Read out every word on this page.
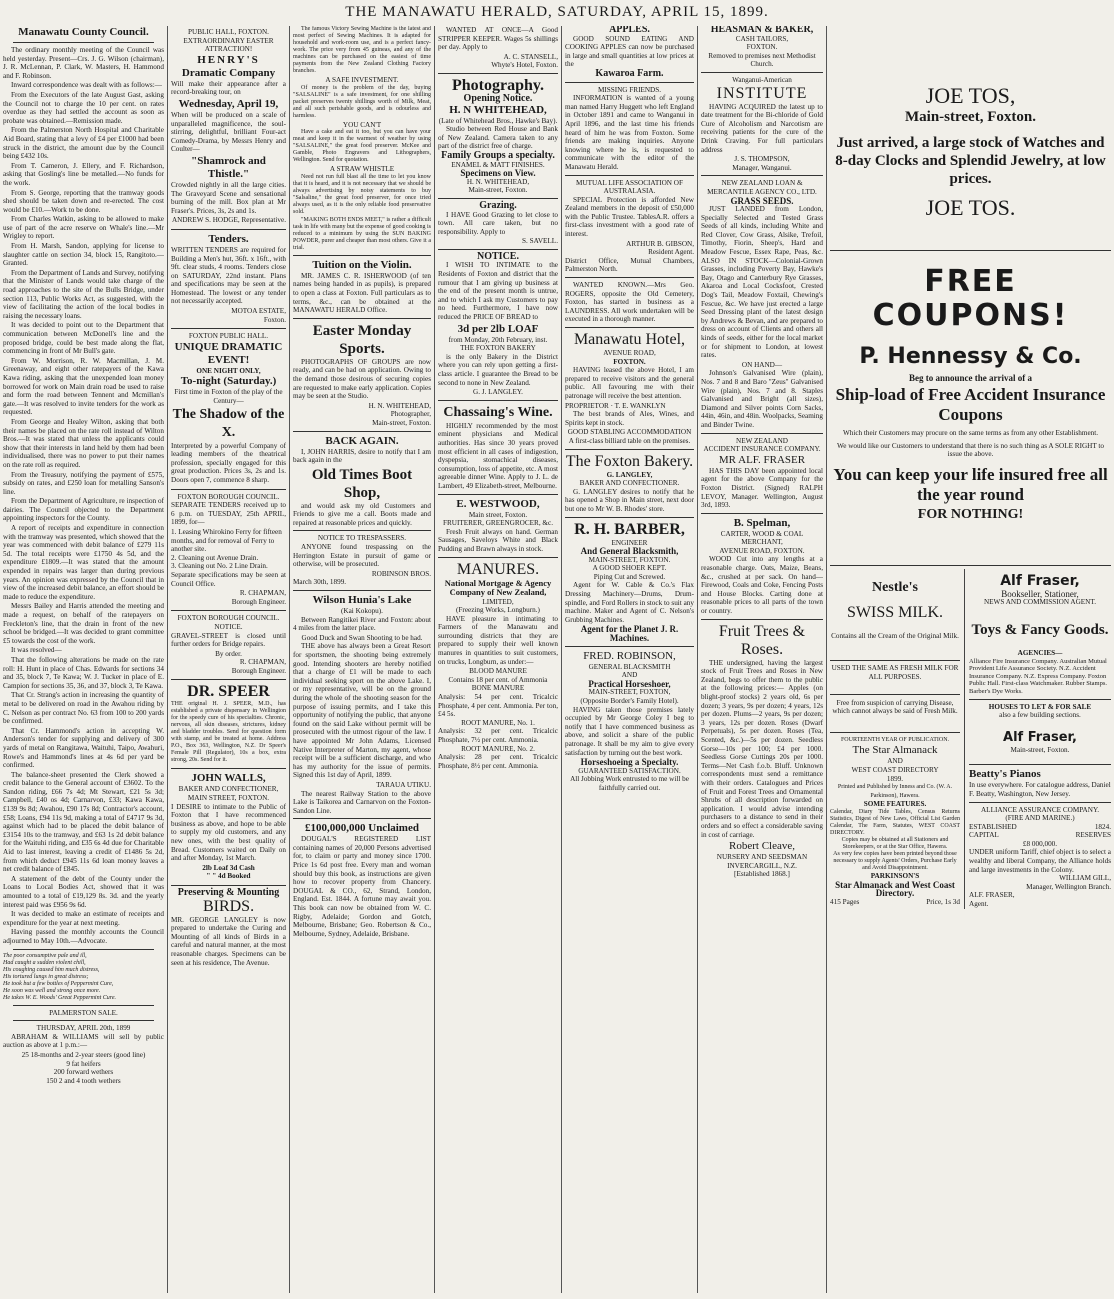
THE MANAWATU HERALD, SATURDAY, APRIL 15, 1899.
Manawatu County Council.

The ordinary monthly meeting of the Council was held yesterday. Present—Crs. J. G. Wilson (chairman), J. R. McLennan, P. Clark, W. Masters, H. Hammond and F. Robinson.

Inward correspondence was dealt with as follows:—

From the Executors of the late August Gast, asking the Council not to charge the 10 per cent. on rates overdue as they had settled the account as soon as probate was obtained.—Remission made.

From the Palmerston North Hospital and Charitable Aid Board, stating that a levy of £4 per £1000 had been struck in the district, the amount due by the Council being £432 10s.

From T. Cameron, J. Ellery, and F. Richardson, asking that Gosling's line be metalled.—No funds for the work.

From S. George, reporting that the tramway goods shed should be taken down and re-erected. The cost would be £10.—Work to be done.

From Charles Watkin, asking to be allowed to make use of part of the acre reserve on Whale's line.—Mr Wrigley to report.

From H. Marsh, Sandon, applying for license to slaughter cattle on section 34, block 15, Rangitoto.—Granted.

From the Department of Lands and Survey, notifying that the Minister of Lands would take charge of the road approaches to the site of the Bulls Bridge, under section 113, Public Works Act, as suggested, with the view of facilitating the action of the local bodies in raising the necessary loans.

It was decided to point out to the Department that communication between McDonell's line and the proposed bridge, could be best made along the flat, commencing in front of Mr Bull's gate.

From W. Morrison, R. W. Macmillan, J. M. Greenaway, and eight other ratepayers of the Kawa Kawa riding, asking that the unexpended loan money borrowed for work on Main drain road be used to raise and form the road between Tennent and Mcmillan's gate.—It was resolved to invite tenders for the work as requested.

From George and Healey Wilton, asking that both their names be placed on the rate roll instead of Wilton Bros.—It was stated that unless the applicants could show that their interests in land held by them had been individualised, there was no power to put their names on the rate roll as required.

From the Treasury, notifying the payment of £575, subsidy on rates, and £250 loan for metalling Sanson's line.

From the Department of Agriculture, re inspection of dairies. The Council objected to the Department appointing inspectors for the County.

A report of receipts and expenditure in connection with the tramway was presented, which showed that the year was commenced with debit balance of £279 11s 5d. The total receipts were £1750 4s 5d, and the expenditure £1809.—It was stated that the amount expended in repairs was larger than during previous years. An opinion was expressed by the Council that in view of the increased debit balance, an effort should be made to reduce the expenditure.

Messrs Bailey and Harris attended the meeting and made a request, on behalf of the ratepayers on Freckleton's line, that the drain in front of the new school be bridged.—It was decided to grant committee £5 towards the cost of the work.

It was resolved—

That the following alterations be made on the rate roll: H. Hunt in place of Chas. Edwards for sections 34 and 35, block 7, Te Kawa; W. J. Tucker in place of E. Campion for sections 35, 36, and 37, block 3, Te Kawa.

That Cr. Strang's action in increasing the quantity of metal to be delivered on road in the Awahou riding by C. Nelson as per contract No. 63 from 100 to 200 yards be confirmed.

That Cr. Hammond's action in accepting W. Anderson's tender for supplying and delivery of 300 yards of metal on Rangitawa, Waituhi, Taipo, Awahuri, Rowe's and Hammond's lines at 4s 6d per yard be confirmed.

The balance-sheet presented the Clerk showed a credit balance to the General account of £3602. To the Sandon riding, £66 7s 4d; Mt Stewart, £21 5s 3d; Campbell, £40 os 4d; Carnarvon, £33; Kawa Kawa, £139 9s 8d; Awahou, £90 17s 8d; Contractor's account, £58; Loans, £94 11s 9d, making a total of £4717 9s 3d, against which had to be placed the debit balance of £3154 10s to the tramway, and £63 1s 2d debit balance for the Waituhi riding, and £35 6s 4d due for Charitable Aid to last interest, leaving a credit of £1486 5s 2d, from which deduct £945 11s 6d loan money leaves a net credit balance of £845.

A statement of the debt of the County under the Loans to Local Bodies Act, showed that it was amounted to a total of £19,129 8s. 3d. and the yearly interest paid was £956 9s 6d.

It was decided to make an estimate of receipts and expenditure for the year at next meeting.

Having passed the monthly accounts the Council adjourned to May 10th.—Advocate.

The poor consumptive pale and ill,
Had caught a sudden violent chill,
His coughing caused him much distress,
His tortured lungs in great distress;
He took but a few bottles of Peppermint Cure,
He soon was well and strong once more.
He takes W. E. Woods' Great Peppermint Cure.
PALMERSTON SALE.
THURSDAY, APRIL 20th, 1899

ABRAHAM & WILLIAMS will sell by public auction as above at 1 p.m.:—

25 18-months and 2-year steers (good line)
9 fat heifers
200 forward wethers
150 2 and 4 tooth wethers
PUBLIC HALL, FOXTON.
EXTRAORDINARY EASTER ATTRACTION!
HENRY'S
Dramatic Company

Will make their appearance after a record-breaking tour, on

Wednesday, April 19,

When will be produced on a scale of unparalleled magnificence, the soul-stirring, delightful, brilliant Four-act Comedy-Drama, by Messrs Henry and Coulter—

"Shamrock and Thistle."

Crowded nightly in all the large cities. The Graveyard Scene and sensational burning of the mill. Box plan at Mr Fraser's. Prices, 3s, 2s and 1s.

ANDREW S. HODGE, Representative.
Tenders.

WRITTEN TENDERS are required for Building a Men's hut, 36ft. x 16ft., with 9ft. clear studs, 4 rooms. Tenders close on SATURDAY, 22nd instant. Plans and specifications may be seen at the Homestead. The lowest or any tender not necessarily accepted.

MOTOA ESTATE,
Foxton.
FOXTON PUBLIC HALL.
UNIQUE DRAMATIC EVENT!
ONE NIGHT ONLY,
To-night (Saturday.)
First time in Foxton of the play of the Century—
The Shadow of the X.

Interpreted by a powerful Company of leading members of the theatrical profession, specially engaged for this great production. Prices 3s, 2s and 1s. Doors open 7, commence 8 sharp.

FOXTON BOROUGH COUNCIL.

SEPARATE TENDERS received up to 6 p.m. on TUESDAY, 25th APRIL, 1899, for—

1. Leasing Whirokino Ferry for fifteen months, and for removal of Ferry to another site.
2. Cleaning out Avenue Drain.
3. Cleaning out No. 2 Line Drain.

Separate specifications may be seen at Council Office.

R. CHAPMAN,
Borough Engineer.
FOXTON BOROUGH COUNCIL.
NOTICE.

GRAVEL-STREET is closed until further orders for Bridge repairs.

By order.
R. CHAPMAN,
Borough Engineer.
DR. SPEER

THE original H. J. SPEER, M.D., has established a private dispensary in Wellington for the speedy cure of his specialties. Chronic, nervous, all skin diseases, strictures, kidney and bladder troubles. Send for question form with stamp, and be treated at home. Address P.O., Box 363, Wellington, N.Z. Dr Speer's Female Pill (Regulator), 10s a box, extra strong, 20s. Send for it.

JOHN WALLS,
BAKER AND CONFECTIONER,
MAIN STREET, FOXTON.

I DESIRE to intimate to the Public of Foxton that I have recommenced business as above, and hope to be able to supply my old customers, and any new ones, with the best quality of Bread. Customers waited on Daily on and after Monday, 1st March.

2lb Loaf 3d Cash
" " 4d Booked
Preserving & Mounting
BIRDS.

MR. GEORGE LANGLEY is now prepared to undertake the Curing and Mounting of all kinds of Birds in a careful and natural manner, at the most reasonable charges. Specimens can be seen at his residence, The Avenue.

The famous Victory Sewing Machine is the latest and most perfect of Sewing Machines. It is adapted for household and work-room use, and is a perfect fancy-work. The price very from 45 guineas, and any of the machines can be purchased on the easiest of time payments from the New Zealand Clothing Factory branches.

A SAFE INVESTMENT.

Of money is the problem of the day, buying "SALSALINE" is a safe investment, for one shilling packet preserves twenty shillings worth of Milk, Meat, and all such perishable goods, and is odourless and harmless.

YOU CAN'T

Have a cake and eat it too, but you can have your meat and keep it in the warmest of weather by using "SALSALINE," the great food preserver. McKee and Gamble, Photo Engravers and Lithographers, Wellington. Send for quotation.

A STRAW WHISTLE

Need not run full blast all the time to let you know that it is heard, and it is not necessary that we should be always advertising by noisy statements to buy "Salsaline," the great food preserver, for once tried always used, as it is the only reliable food preservative sold.

"MAKING BOTH ENDS MEET," is rather a difficult task in life with many but the expense of good cooking is reduced to a minimum by using the SUN BAKING POWDER, purer and cheaper than most others. Give it a trial.

Tuition on the Violin.

MR. JAMES C. R. ISHERWOOD (of ten names being handed in as pupils), is prepared to open a class at Foxton. Full particulars as to terms, &c., can be obtained at the MANAWATU HERALD Office.

Easter Monday Sports.

PHOTOGRAPHS OF GROUPS are now ready, and can be had on application. Owing to the demand those desirous of securing copies are requested to make early application. Copies may be seen at the Studio.

H. N. WHITEHEAD,
Photographer,
Main-street, Foxton.
BACK AGAIN.

I, JOHN HARRIS, desire to notify that I am back again in the

Old Times Boot Shop,

and would ask my old Customers and Friends to give me a call. Boots made and repaired at reasonable prices and quickly.

NOTICE TO TRESPASSERS.

ANYONE found trespassing on the Herrington Estate in pursuit of game or otherwise, will be prosecuted.

ROBINSON BROS.
March 30th, 1899.
Wilson Hunia's Lake
(Kai Kokopu).

Between Rangitikei River and Foxton: about 4 miles from the latter place.

Good Duck and Swan Shooting to be had.

THE above has always been a Great Resort for sportsmen, the shooting being extremely good. Intending shooters are hereby notified that a charge of £1 will be made to each individual seeking sport on the above Lake. I, or my representative, will be on the ground during the whole of the shooting season for the purpose of issuing permits, and I take this opportunity of notifying the public, that anyone found on the said Lake without permit will be prosecuted with the utmost rigour of the law. I have appointed Mr John Adams, Licensed Native Interpreter of Marton, my agent, whose receipt will be a sufficient discharge, and who has my authority for the issue of permits. Signed this 1st day of April, 1899.

TARAUA UTIKU.

The nearest Railway Station to the above Lake is Taikorea and Carnarvon on the Foxton-Sandon Line.

£100,000,000 Unclaimed

DOUGAL'S REGISTERED LIST containing names of 20,000 Persons advertised for, to claim or party and money since 1700. Price 1s 6d post free. Every man and woman should buy this book, as instructions are given how to recover property from Chancery. DOUGAL & CO., 62, Strand, London, England. Est. 1844. A fortune may await you. This book can now be obtained from W. C. Rigby, Adelaide; Gordon and Gotch, Melbourne, Brisbane; Geo. Robertson & Co., Melbourne, Sydney, Adelaide, Brisbane.

WANTED AT ONCE—A Good STRIPPER KEEPER. Wages 5s shillings per day. Apply to

A. C. STANSELL,
Whyte's Hotel, Foxton.
Photography.
Opening Notice.
H. N WHITEHEAD,
(Late of Whitehead Bros., Hawke's Bay).

Studio between Red House and Bank of New Zealand. Camera taken to any part of the district free of charge.

Family Groups a specialty.
ENAMEL & MATT FINISHES.
Specimens on View.
H. N. WHITEHEAD,
Main-street, Foxton.
Grazing.

I HAVE Good Grazing to let close to town. All care taken, but no responsibility. Apply to

S. SAVELL.
NOTICE.

I WISH TO INTIMATE to the Residents of Foxton and district that the rumour that I am giving up business at the end of the present month is untrue, and to which I ask my Customers to pay no heed. Furthermore, I have now reduced the PRICE OF BREAD to

3d per 2lb LOAF
from Monday, 20th February, inst.
THE FOXTON BAKERY

is the only Bakery in the District where you can rely upon getting a first-class article. I guarantee the Bread to be second to none in New Zealand.

G. J. LANGLEY.
Chassaing's Wine.

HIGHLY recommended by the most eminent physicians and Medical authorities. Has since 30 years proved most efficient in all cases of indigestion, dyspepsia, stomachical diseases, consumption, loss of appetite, etc. A most agreeable dinner Wine. Apply to J. L. de Lambert, 49 Elizabeth-street, Melbourne.

E. WESTWOOD,
Main street, Foxton.
FRUITERER, GREENGROCER, &c.

Fresh Fruit always on hand. German Sausages, Saveloys White and Black Pudding and Brawn always in stock.

MANURES.
National Mortgage & Agency Company of New Zealand,
LIMITED,
(Freezing Works, Longburn.)

HAVE pleasure in intimating to Farmers of the Manawatu and surrounding districts that they are prepared to supply their well known manures in quantities to suit customers, on trucks, Longburn, as under:—

BLOOD MANURE
Contains 18 per cent. of Ammonia
BONE MANURE
Analysis: 54 per cent. Tricalcic Phosphate, 4 per cent. Ammonia. Per ton, £4 5s.
ROOT MANURE, No. 1.
Analysis: 32 per cent. Tricalcic Phosphate, 7½ per cent. Ammonia.
ROOT MANURE, No. 2.
Analysis: 28 per cent. Tricalcic Phosphate, 8½ per cent. Ammonia.
APPLES.

GOOD SOUND EATING AND COOKING APPLES can now be purchased in large and small quantities at low prices at the

Kawaroa Farm.
MISSING FRIENDS.

INFORMATION is wanted of a young man named Harry Huggett who left England in October 1891 and came to Wanganui in April 1896, and the last time his friends heard of him he was from Foxton. Some friends are making inquiries. Anyone knowing where he is, is requested to communicate with the editor of the Manawatu Herald.

MUTUAL LIFE ASSOCIATION OF AUSTRALASIA.

SPECIAL Protection is afforded New Zealand members in the deposit of £50,000 with the Public Trustee. TablesA.R. offers a first-class investment with a good rate of interest.

ARTHUR B. GIBSON,
Resident Agent.
District Office, Mutual Chambers, Palmerston North.

WANTED KNOWN.—Mrs Geo. ROGERS, opposite the Old Cemetery, Foxton, has started in business as a LAUNDRESS. All work undertaken will be executed in a thorough manner.

Manawatu Hotel,
AVENUE ROAD,
FOXTON.

HAVING leased the above Hotel, I am prepared to receive visitors and the general public. All favouring me with their patronage will receive the best attention.

PROPRIETOR · T. E. WANKLYN

The best brands of Ales, Wines, and Spirits kept in stock.

GOOD STABLING ACCOMMODATION
A first-class billiard table on the premises.
The Foxton Bakery.
G. LANGLEY,
BAKER AND CONFECTIONER.

G. LANGLEY desires to notify that he has opened a Shop in Main street, next door but one to Mr W. B. Rhodes' store.

R. H. BARBER,
ENGINEER
And General Blacksmith,
MAIN-STREET, FOXTON.
A GOOD SHOER KEPT.
Piping Cut and Screwed.

Agent for W. Cable & Co.'s Flax Dressing Machinery—Drums, Drum-spindle, and Ford Rollers in stock to suit any machine. Maker and Agent of C. Nelson's Grubbing Machines.

Agent for the Planet J. R. Machines.
FRED. ROBINSON,
GENERAL BLACKSMITH
AND
Practical Horseshoer,
MAIN-STREET, FOXTON,
(Opposite Border's Family Hotel).

HAVING taken those premises lately occupied by Mr George Coley I beg to notify that I have commenced business as above, and solicit a share of the public patronage. It shall be my aim to give every satisfaction by turning out the best work.

Horseshoeing a Specialty.
GUARANTEED SATISFACTION.
All Jobbing Work entrusted to me will be faithfully carried out.
HEASMAN & BAKER,
CASH TAILORS,
FOXTON.
Removed to premises next Methodist Church.
Wanganui-American
INSTITUTE

HAVING ACQUIRED the latest up to date treatment for the Bi-chloride of Gold Cure of Alcoholism and Narcotism are receiving patients for the cure of the Drink Craving. For full particulars address

J. S. THOMPSON,
Manager, Wanganui.
NEW ZEALAND LOAN & MERCANTILE AGENCY CO., LTD.
GRASS SEEDS.

JUST LANDED from London, Specially Selected and Tested Grass Seeds of all kinds, including White and Red Clover, Cow Grass, Alsike, Trefoil, Timothy, Fiorin, Sheep's, Hard and Meadow Fescue, Essex Rape, Peas, &c. ALSO IN STOCK—Colonial-Grown Grasses, including Poverty Bay, Hawke's Bay, Otago and Canterbury Rye Grasses, Akaroa and Local Cocksfoot, Crested Dog's Tail, Meadow Foxtail, Chewing's Fescue, &c. We have just erected a large Seed Dressing plant of the latest design by Andrews & Bevan, and are prepared to dress on account of Clients and others all kinds of seeds, either for the local market or for shipment to London, at lowest rates.

ON HAND—

Johnson's Galvanised Wire (plain), Nos. 7 and 8 and Baro "Zeus" Galvanised Wire (plain), Nos. 7 and 8. Staples Galvanised and Bright (all sizes), Diamond and Silver points Corn Sacks, 44in, 46in, and 48in. Woolpacks, Seaming and Binder Twine.

NEW ZEALAND
ACCIDENT INSURANCE COMPANY.
MR ALF. FRASER

HAS THIS DAY been appointed local agent for the above Company for the Foxton District. (Signed) RALPH LEVOY, Manager. Wellington, August 3rd, 1893.

B. Spelman,
CARTER, WOOD & COAL MERCHANT,
AVENUE ROAD, FOXTON.

WOOD Cut into any lengths at a reasonable charge. Oats, Maize, Beans, &c., crushed at per sack. On hand—Firewood, Coals and Coke, Fencing Posts and House Blocks. Carting done at reasonable prices to all parts of the town or country.

Fruit Trees & Roses.

THE undersigned, having the largest stock of Fruit Trees and Roses in New Zealand, begs to offer them to the public at the following prices:— Apples (on blight-proof stocks) 2 years old, 6s per dozen; 3 years, 9s per dozen; 4 years, 12s per dozen. Plums—2 years, 9s per dozen; 3 years, 12s per dozen. Roses (Dwarf Perpetuals), 5s per dozen. Roses (Tea, Scented, &c.)—5s per dozen. Seedless Gorse—10s per 100; £4 per 1000. Seedless Gorse Cuttings 20s per 1000. Terms—Net Cash f.o.b. Bluff. Unknown correspondents must send a remittance with their orders. Catalogues and Prices of Fruit and Forest Trees and Ornamental Shrubs of all description forwarded on application. I would advise intending purchasers to a distance to send in their orders and so effect a considerable saving in cost of carriage.

Robert Cleave,
NURSERY AND SEEDSMAN
INVERCARGILL, N.Z.
[Established 1868.]
JOE TOS,
Main-street, Foxton.
Just arrived, a large stock of Watches and 8-day Clocks and Splendid Jewelry, at low prices.
JOE TOS.
FREE COUPONS!
P. Hennessy & Co.
Beg to announce the arrival of a
Ship-load of Free Accident Insurance Coupons
Which their Customers may procure on the same terms as from any other Establishment.
We would like our Customers to understand that there is no such thing as A SOLE RIGHT to issue the above.
You can keep your life insured free all the year round
FOR NOTHING!
Nestle's
SWISS MILK.
Contains all the Cream of the Original Milk.
USED THE SAME AS FRESH MILK FOR ALL PURPOSES.
Free from suspicion of carrying Disease, which cannot always be said of Fresh Milk.
FOURTEENTH YEAR OF PUBLICATION.
The Star Almanack
AND
WEST COAST DIRECTORY
1899.
Printed and Published by Inness and Co. (W. A. Parkinson), Hawera.
SOME FEATURES.
Calendar, Diary Tide Tables, Census Returns Statistics, Digest of New Laws, Official List Garden Calendar, The Farm, Statutes, WEST COAST DIRECTORY.
Copies may be obtained at all Stationers and Storekeepers, or at the Star Office, Hawera.
As very few copies have been printed beyond those necessary to supply Agents' Orders, Purchase Early and Avoid Disappointment.
PARKINSON'S
Star Almanack and West Coast Directory.
415 Pages	Price, 1s 3d
Alf Fraser,
Bookseller, Stationer,
NEWS AND COMMISSION AGENT.
Toys & Fancy Goods.
AGENCIES—
Alliance Fire Insurance Company. Australian Mutual Provident Life Assurance Society. N.Z. Accident Insurance Company. N.Z. Express Company. Foxton Public Hall. First-class Watchmaker. Rubber Stamps. Barber's Dye Works.
HOUSES TO LET & FOR SALE
also a few building sections.
Alf Fraser,
Main-street, Foxton.
Beatty's Pianos
In use everywhere. For catalogue address, Daniel F. Beatty, Washington, New Jersey.
ALLIANCE ASSURANCE COMPANY.
(FIRE AND MARINE.)
ESTABLISHED	1824.
CAPITAL	RESERVES
£8 000,000.
UNDER uniform Tariff, chief object is to select a wealthy and liberal Company, the Alliance holds and large investments in the Colony.
WILLIAM GILL,
Manager, Wellington Branch.
ALF. FRASER,
Agent.
